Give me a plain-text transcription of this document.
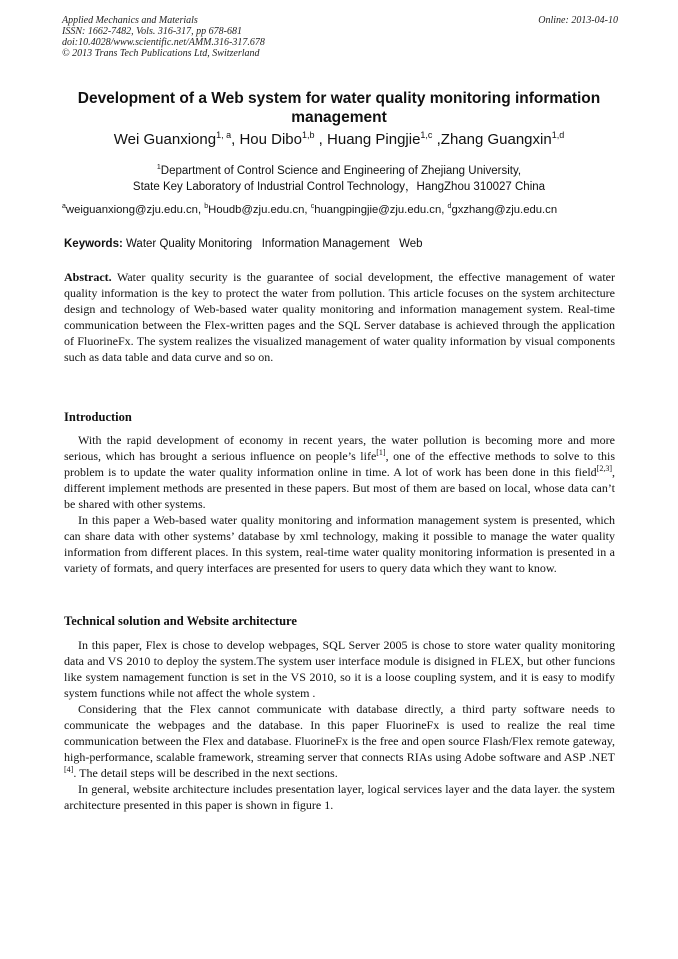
Applied Mechanics and Materials
ISSN: 1662-7482, Vols. 316-317, pp 678-681
doi:10.4028/www.scientific.net/AMM.316-317.678
© 2013 Trans Tech Publications Ltd, Switzerland
Online: 2013-04-10
Development of a Web system for water quality monitoring information management
Wei Guanxiong$^{1, a}$, Hou Dibo$^{1,b}$ , Huang Pingjie$^{1,c}$ ,Zhang Guangxin$^{1,d}$
$^1$Department of Control Science and Engineering of Zhejiang University,
State Key Laboratory of Industrial Control Technology，HangZhou 310027 China
$^a$weiguanxiong@zju.edu.cn, $^b$Houdb@zju.edu.cn, $^c$huangpingjie@zju.edu.cn, $^d$gxzhang@zju.edu.cn
Keywords: Water Quality Monitoring   Information Management   Web

Abstract. Water quality security is the guarantee of social development, the effective management of water quality information is the key to protect the water from pollution. This article focuses on the system architecture design and technology of Web-based water quality monitoring and information management system. Real-time communication between the Flex-written pages and the SQL Server database is achieved through the application of FluorineFx. The system realizes the visualized management of water quality information by visual components such as data table and data curve and so on.

Introduction

With the rapid development of economy in recent years, the water pollution is becoming more and more serious, which has brought a serious influence on people’s life[1], one of the effective methods to solve to this problem is to update the water quality information online in time. A lot of work has been done in this field[2,3], different implement methods are presented in these papers. But most of them are based on local, whose data can’t be shared with other systems.

In this paper a Web-based water quality monitoring and information management system is presented, which can share data with other systems’ database by xml technology, making it possible to manage the water quality information from different places. In this system, real-time water quality monitoring information is presented in a variety of formats, and query interfaces are presented for users to query data which they want to know.

Technical solution and Website architecture

In this paper, Flex is chose to develop webpages, SQL Server 2005 is chose to store water quality monitoring data and VS 2010 to deploy the system.The system user interface module is disigned in FLEX, but other funcions like system namagement function is set in the VS 2010, so it is a loose coupling system, and it is easy to modify system functions while not affect the whole system .

Considering that the Flex cannot communicate with database directly, a third party software needs to communicate the webpages and the database. In this paper FluorineFx is used to realize the real time communication between the Flex and database. FluorineFx is the free and open source Flash/Flex remote gateway, high-performance, scalable framework, streaming server that connects RIAs using Adobe software and ASP .NET [4]. The detail steps will be described in the next sections.

In general, website architecture includes presentation layer, logical services layer and the data layer. the system architecture presented in this paper is shown in figure 1.
